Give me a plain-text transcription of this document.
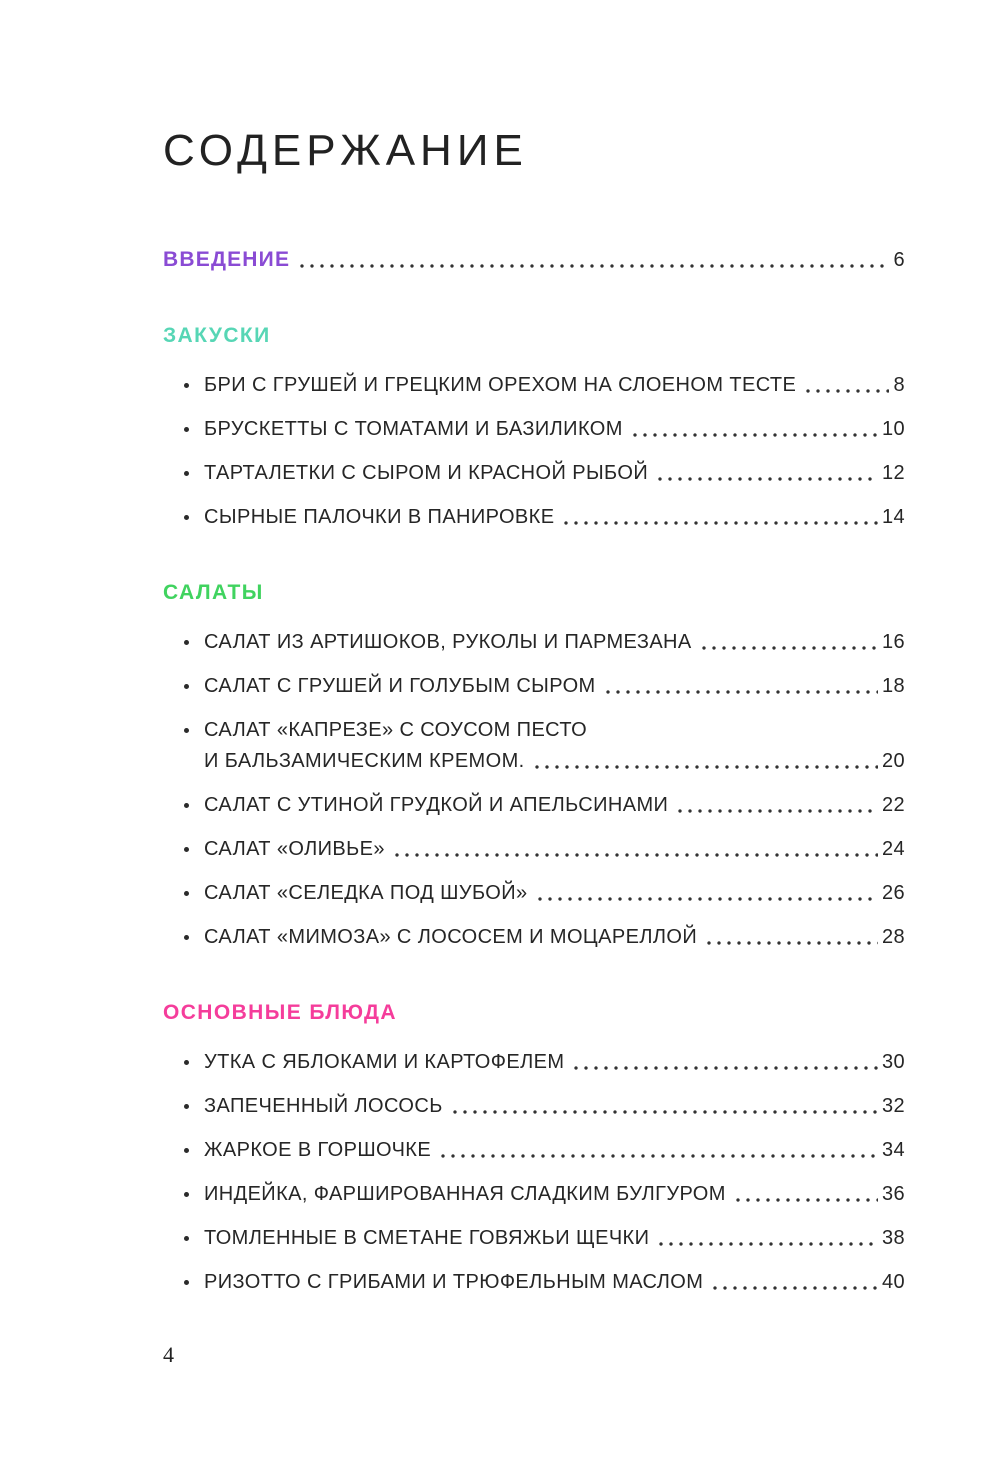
СОДЕРЖАНИЕ
ВВЕДЕНИЕ	6
ЗАКУСКИ
БРИ С ГРУШЕЙ И ГРЕЦКИМ ОРЕХОМ НА СЛОЕНОМ ТЕСТЕ	8
БРУСКЕТТЫ С ТОМАТАМИ И БАЗИЛИКОМ	10
ТАРТАЛЕТКИ С СЫРОМ И КРАСНОЙ РЫБОЙ	12
СЫРНЫЕ ПАЛОЧКИ В ПАНИРОВКЕ	14
САЛАТЫ
САЛАТ ИЗ АРТИШОКОВ, РУКОЛЫ И ПАРМЕЗАНА	16
САЛАТ С ГРУШЕЙ И ГОЛУБЫМ СЫРОМ	18
САЛАТ «КАПРЕЗЕ» С СОУСОМ ПЕСТО
И БАЛЬЗАМИЧЕСКИМ КРЕМОМ.	20
САЛАТ С УТИНОЙ ГРУДКОЙ И АПЕЛЬСИНАМИ	22
САЛАТ «ОЛИВЬЕ»	24
САЛАТ «СЕЛЕДКА ПОД ШУБОЙ»	26
САЛАТ «МИМОЗА» С ЛОСОСЕМ И МОЦАРЕЛЛОЙ	28
ОСНОВНЫЕ БЛЮДА
УТКА С ЯБЛОКАМИ И КАРТОФЕЛЕМ	30
ЗАПЕЧЕННЫЙ ЛОСОСЬ	32
ЖАРКОЕ В ГОРШОЧКЕ	34
ИНДЕЙКА, ФАРШИРОВАННАЯ СЛАДКИМ БУЛГУРОМ	36
ТОМЛЕННЫЕ В СМЕТАНЕ ГОВЯЖЬИ ЩЕЧКИ	38
РИЗОТТО С ГРИБАМИ И ТРЮФЕЛЬНЫМ МАСЛОМ	40
4
